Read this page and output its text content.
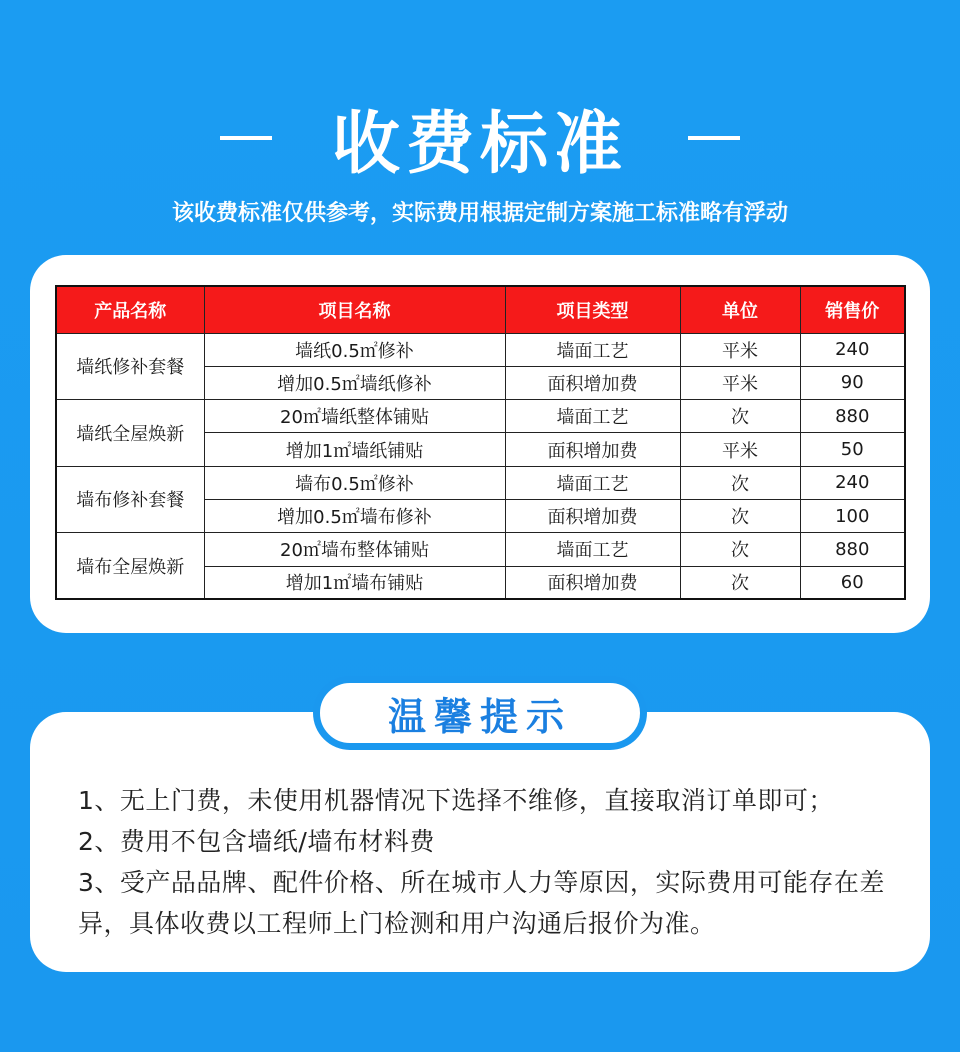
收费标准
该收费标准仅供参考，实际费用根据定制方案施工标准略有浮动
产品名称	项目名称	项目类型	单位	销售价
墙纸修补套餐	墙纸0.5㎡修补	墙面工艺	平米	240
	增加0.5㎡墙纸修补	面积增加费	平米	90
墙纸全屋焕新	20㎡墙纸整体铺贴	墙面工艺	次	880
	增加1㎡墙纸铺贴	面积增加费	平米	50
墙布修补套餐	墙布0.5㎡修补	墙面工艺	次	240
	增加0.5㎡墙布修补	面积增加费	次	100
墙布全屋焕新	20㎡墙布整体铺贴	墙面工艺	次	880
	增加1㎡墙布铺贴	面积增加费	次	60
温馨提示

1、无上门费，未使用机器情况下选择不维修，直接取消订单即可；

2、费用不包含墙纸/墙布材料费

3、受产品品牌、配件价格、所在城市人力等原因，实际费用可能存在差异，具体收费以工程师上门检测和用户沟通后报价为准。
